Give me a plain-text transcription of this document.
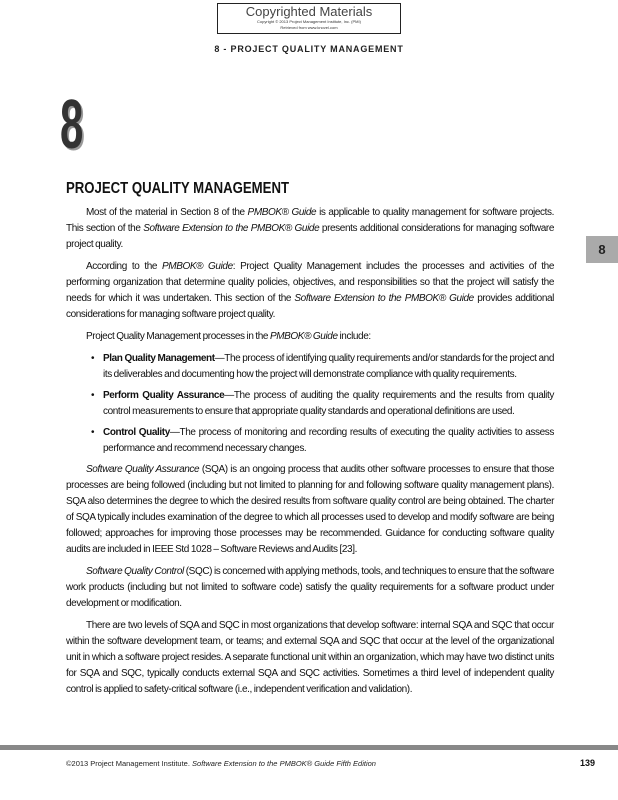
Copyrighted Materials
Copyright © 2013 Project Management Institute, Inc. (PMI)
Retrieved from www.knovel.com
8 - PROJECT QUALITY MANAGEMENT
8
PROJECT QUALITY MANAGEMENT
8

Most of the material in Section 8 of the PMBOK® Guide is applicable to quality management for software projects. This section of the Software Extension to the PMBOK® Guide presents additional considerations for managing software project quality.

According to the PMBOK® Guide: Project Quality Management includes the processes and activities of the performing organization that determine quality policies, objectives, and responsibilities so that the project will satisfy the needs for which it was undertaken. This section of the Software Extension to the PMBOK® Guide provides additional considerations for managing software project quality.

Project Quality Management processes in the PMBOK® Guide include:

• Plan Quality Management—The process of identifying quality requirements and/or standards for the project and its deliverables and documenting how the project will demonstrate compliance with quality requirements.
• Perform Quality Assurance—The process of auditing the quality requirements and the results from quality control measurements to ensure that appropriate quality standards and operational definitions are used.
• Control Quality—The process of monitoring and recording results of executing the quality activities to assess performance and recommend necessary changes.

Software Quality Assurance (SQA) is an ongoing process that audits other software processes to ensure that those processes are being followed (including but not limited to planning for and following software quality management plans). SQA also determines the degree to which the desired results from software quality control are being obtained. The charter of SQA typically includes examination of the degree to which all processes used to develop and modify software are being followed; approaches for improving those processes may be recommended. Guidance for conducting software quality audits are included in IEEE Std 1028 – Software Reviews and Audits [23].

Software Quality Control (SQC) is concerned with applying methods, tools, and techniques to ensure that the software work products (including but not limited to software code) satisfy the quality requirements for a software product under development or modification.

There are two levels of SQA and SQC in most organizations that develop software: internal SQA and SQC that occur within the software development team, or teams; and external SQA and SQC that occur at the level of the organizational unit in which a software project resides. A separate functional unit within an organization, which may have two distinct units for SQA and SQC, typically conducts external SQA and SQC activities. Sometimes a third level of independent quality control is applied to safety-critical software (i.e., independent verification and validation).

©2013 Project Management Institute. Software Extension to the PMBOK® Guide Fifth Edition	139
